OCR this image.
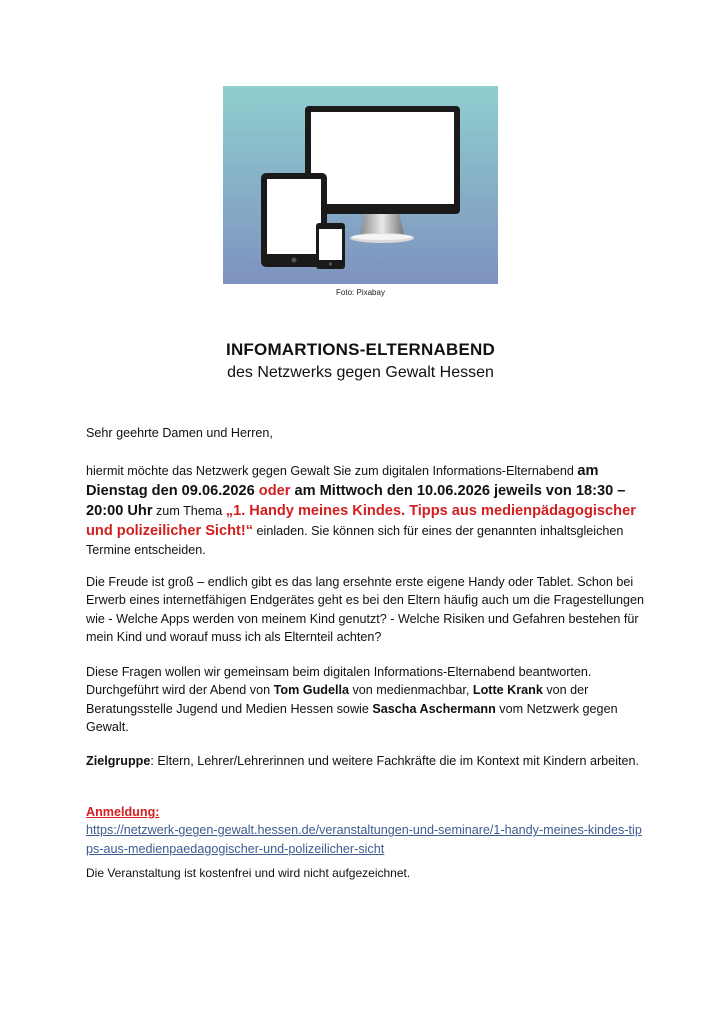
Foto: Pixabay
INFOMARTIONS-ELTERNABEND
des Netzwerks gegen Gewalt Hessen

Sehr geehrte Damen und Herren,

hiermit möchte das Netzwerk gegen Gewalt Sie zum digitalen Informations-Elternabend am Dienstag den 09.06.2026 oder am Mittwoch den 10.06.2026 jeweils von 18:30 – 20:00 Uhr zum Thema „1. Handy meines Kindes. Tipps aus medienpädagogischer und polizeilicher Sicht!“ einladen. Sie können sich für eines der genannten inhaltsgleichen Termine entscheiden.

Die Freude ist groß – endlich gibt es das lang ersehnte erste eigene Handy oder Tablet. Schon bei Erwerb eines internetfähigen Endgerätes geht es bei den Eltern häufig auch um die Fragestellungen wie - Welche Apps werden von meinem Kind genutzt? - Welche Risiken und Gefahren bestehen für mein Kind und worauf muss ich als Elternteil achten?

Diese Fragen wollen wir gemeinsam beim digitalen Informations-Elternabend beantworten. Durchgeführt wird der Abend von Tom Gudella von medienmachbar, Lotte Krank von der Beratungsstelle Jugend und Medien Hessen sowie Sascha Aschermann vom Netzwerk gegen Gewalt.

Zielgruppe: Eltern, Lehrer/Lehrerinnen und weitere Fachkräfte die im Kontext mit Kindern arbeiten.

Anmeldung:

https://netzwerk-gegen-gewalt.hessen.de/veranstaltungen-und-seminare/1-handy-meines-kindes-tipps-aus-medienpaedagogischer-und-polizeilicher-sicht

Die Veranstaltung ist kostenfrei und wird nicht aufgezeichnet.
